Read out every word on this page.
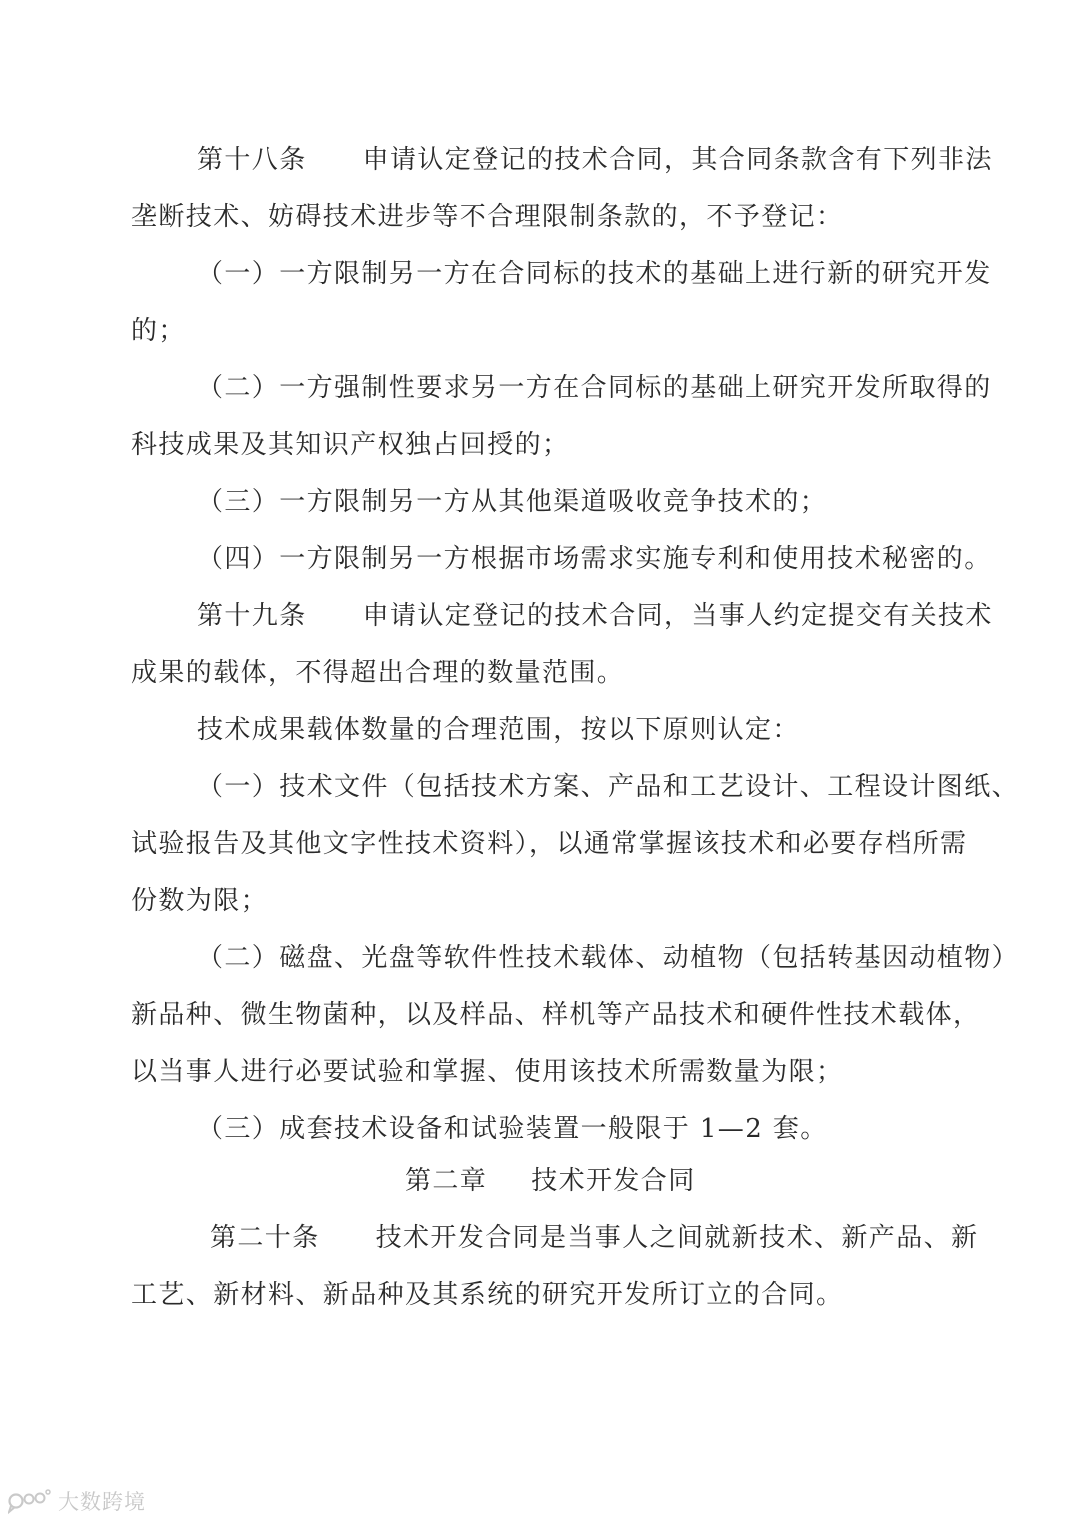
第十八条 申请认定登记的技术合同，其合同条款含有下列非法
垄断技术、妨碍技术进步等不合理限制条款的，不予登记：
（一）一方限制另一方在合同标的技术的基础上进行新的研究开发
的；
（二）一方强制性要求另一方在合同标的基础上研究开发所取得的
科技成果及其知识产权独占回授的；
（三）一方限制另一方从其他渠道吸收竞争技术的；
（四）一方限制另一方根据市场需求实施专利和使用技术秘密的。
第十九条 申请认定登记的技术合同，当事人约定提交有关技术
成果的载体，不得超出合理的数量范围。
技术成果载体数量的合理范围，按以下原则认定：
（一）技术文件（包括技术方案、产品和工艺设计、工程设计图纸、
试验报告及其他文字性技术资料），以通常掌握该技术和必要存档所需
份数为限；
（二）磁盘、光盘等软件性技术载体、动植物（包括转基因动植物）
新品种、微生物菌种，以及样品、样机等产品技术和硬件性技术载体，
以当事人进行必要试验和掌握、使用该技术所需数量为限；
（三）成套技术设备和试验装置一般限于 1—2 套。
第二章 技术开发合同
第二十条 技术开发合同是当事人之间就新技术、新产品、新
工艺、新材料、新品种及其系统的研究开发所订立的合同。
大数跨境
